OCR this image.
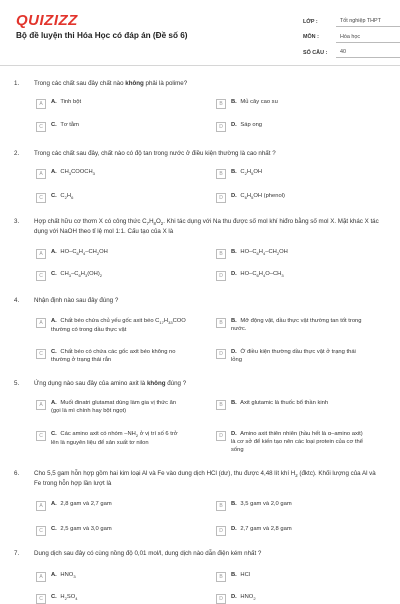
QUIZIZZ
Bộ đề luyện thi Hóa Học có đáp án (Đề số 6)
LỚP :	Tốt nghiệp THPT
MÔN :	Hóa học
SỐ CÂU :	40
1. Trong các chất sau đây chất nào không phải là polime?
A	A. Tinh bột	B	B. Mủ cây cao su
C	C. Tơ tằm	D	D. Sáp ong
2. Trong các chất sau đây, chất nào có độ tan trong nước ở điều kiện thường là cao nhất ?
A	A. $CH_3COOCH_3$	B	B. $C_2H_5OH$
C	C. $C_2H_6$	D	D. $C_6H_5OH$ (phenol)
3. Hợp chất hữu cơ thơm X có công thức $C_7H_8O_2$. Khi tác dụng với Na thu được số mol khí hiđro bằng số mol X. Mặt khác X tác dụng với NaOH theo tỉ lệ mol 1:1. Cấu tạo của X là
A	A. $HO-C_6H_4-CH_2OH$	B	B. $HO-C_6H_4-CH_2OH$
C	C. $CH_3-C_6H_3(OH)_2$	D	D. $HO-C_6H_4O-CH_3$
4. Nhận định nào sau đây đúng ?
A	A. Chất béo chứa chủ yếu gốc axit béo $C_{17}H_{33}COO$ thường có trong dầu thực vật
B	B. Mỡ động vật, dầu thực vật thường tan tốt trong nước.
C	C. Chất béo có chứa các gốc axit béo không no thường ở trạng thái rắn
D	D. Ở điều kiện thường dầu thực vật ở trạng thái lỏng
5. Ứng dụng nào sau đây của amino axit là không đúng ?
A	A. Muối đinatri glutamat dùng làm gia vị thức ăn (gọi là mì chính hay bột ngọt)
B	B. Axit glutamic là thuốc bổ thần kinh
C	C. Các amino axit có nhóm $-NH_2$ ở vị trí số 6 trở lên là nguyên liệu để sản xuất tơ nilon
D	D. Amino axit thiên nhiên (hầu hết là α–amino axit) là cơ sở để kiến tạo nên các loại protein của cơ thể sống
6. Cho 5,5 gam hỗn hợp gồm hai kim loại Al và Fe vào dung dịch HCl (dư), thu được 4,48 lít khí $H_2$ (đktc). Khối lượng của Al và Fe trong hỗn hợp lần lượt là
A	A. 2,8 gam và 2,7 gam	B	B. 3,5 gam và 2,0 gam
C	C. 2,5 gam và 3,0 gam	D	D. 2,7 gam và 2,8 gam
7. Dung dịch sau đây có cùng nồng độ 0,01 mol/l, dung dịch nào dẫn điện kém nhất ?
A	A. $HNO_3$	B	B. HCl
C	C. $H_2SO_4$	D	D. $HNO_2$
